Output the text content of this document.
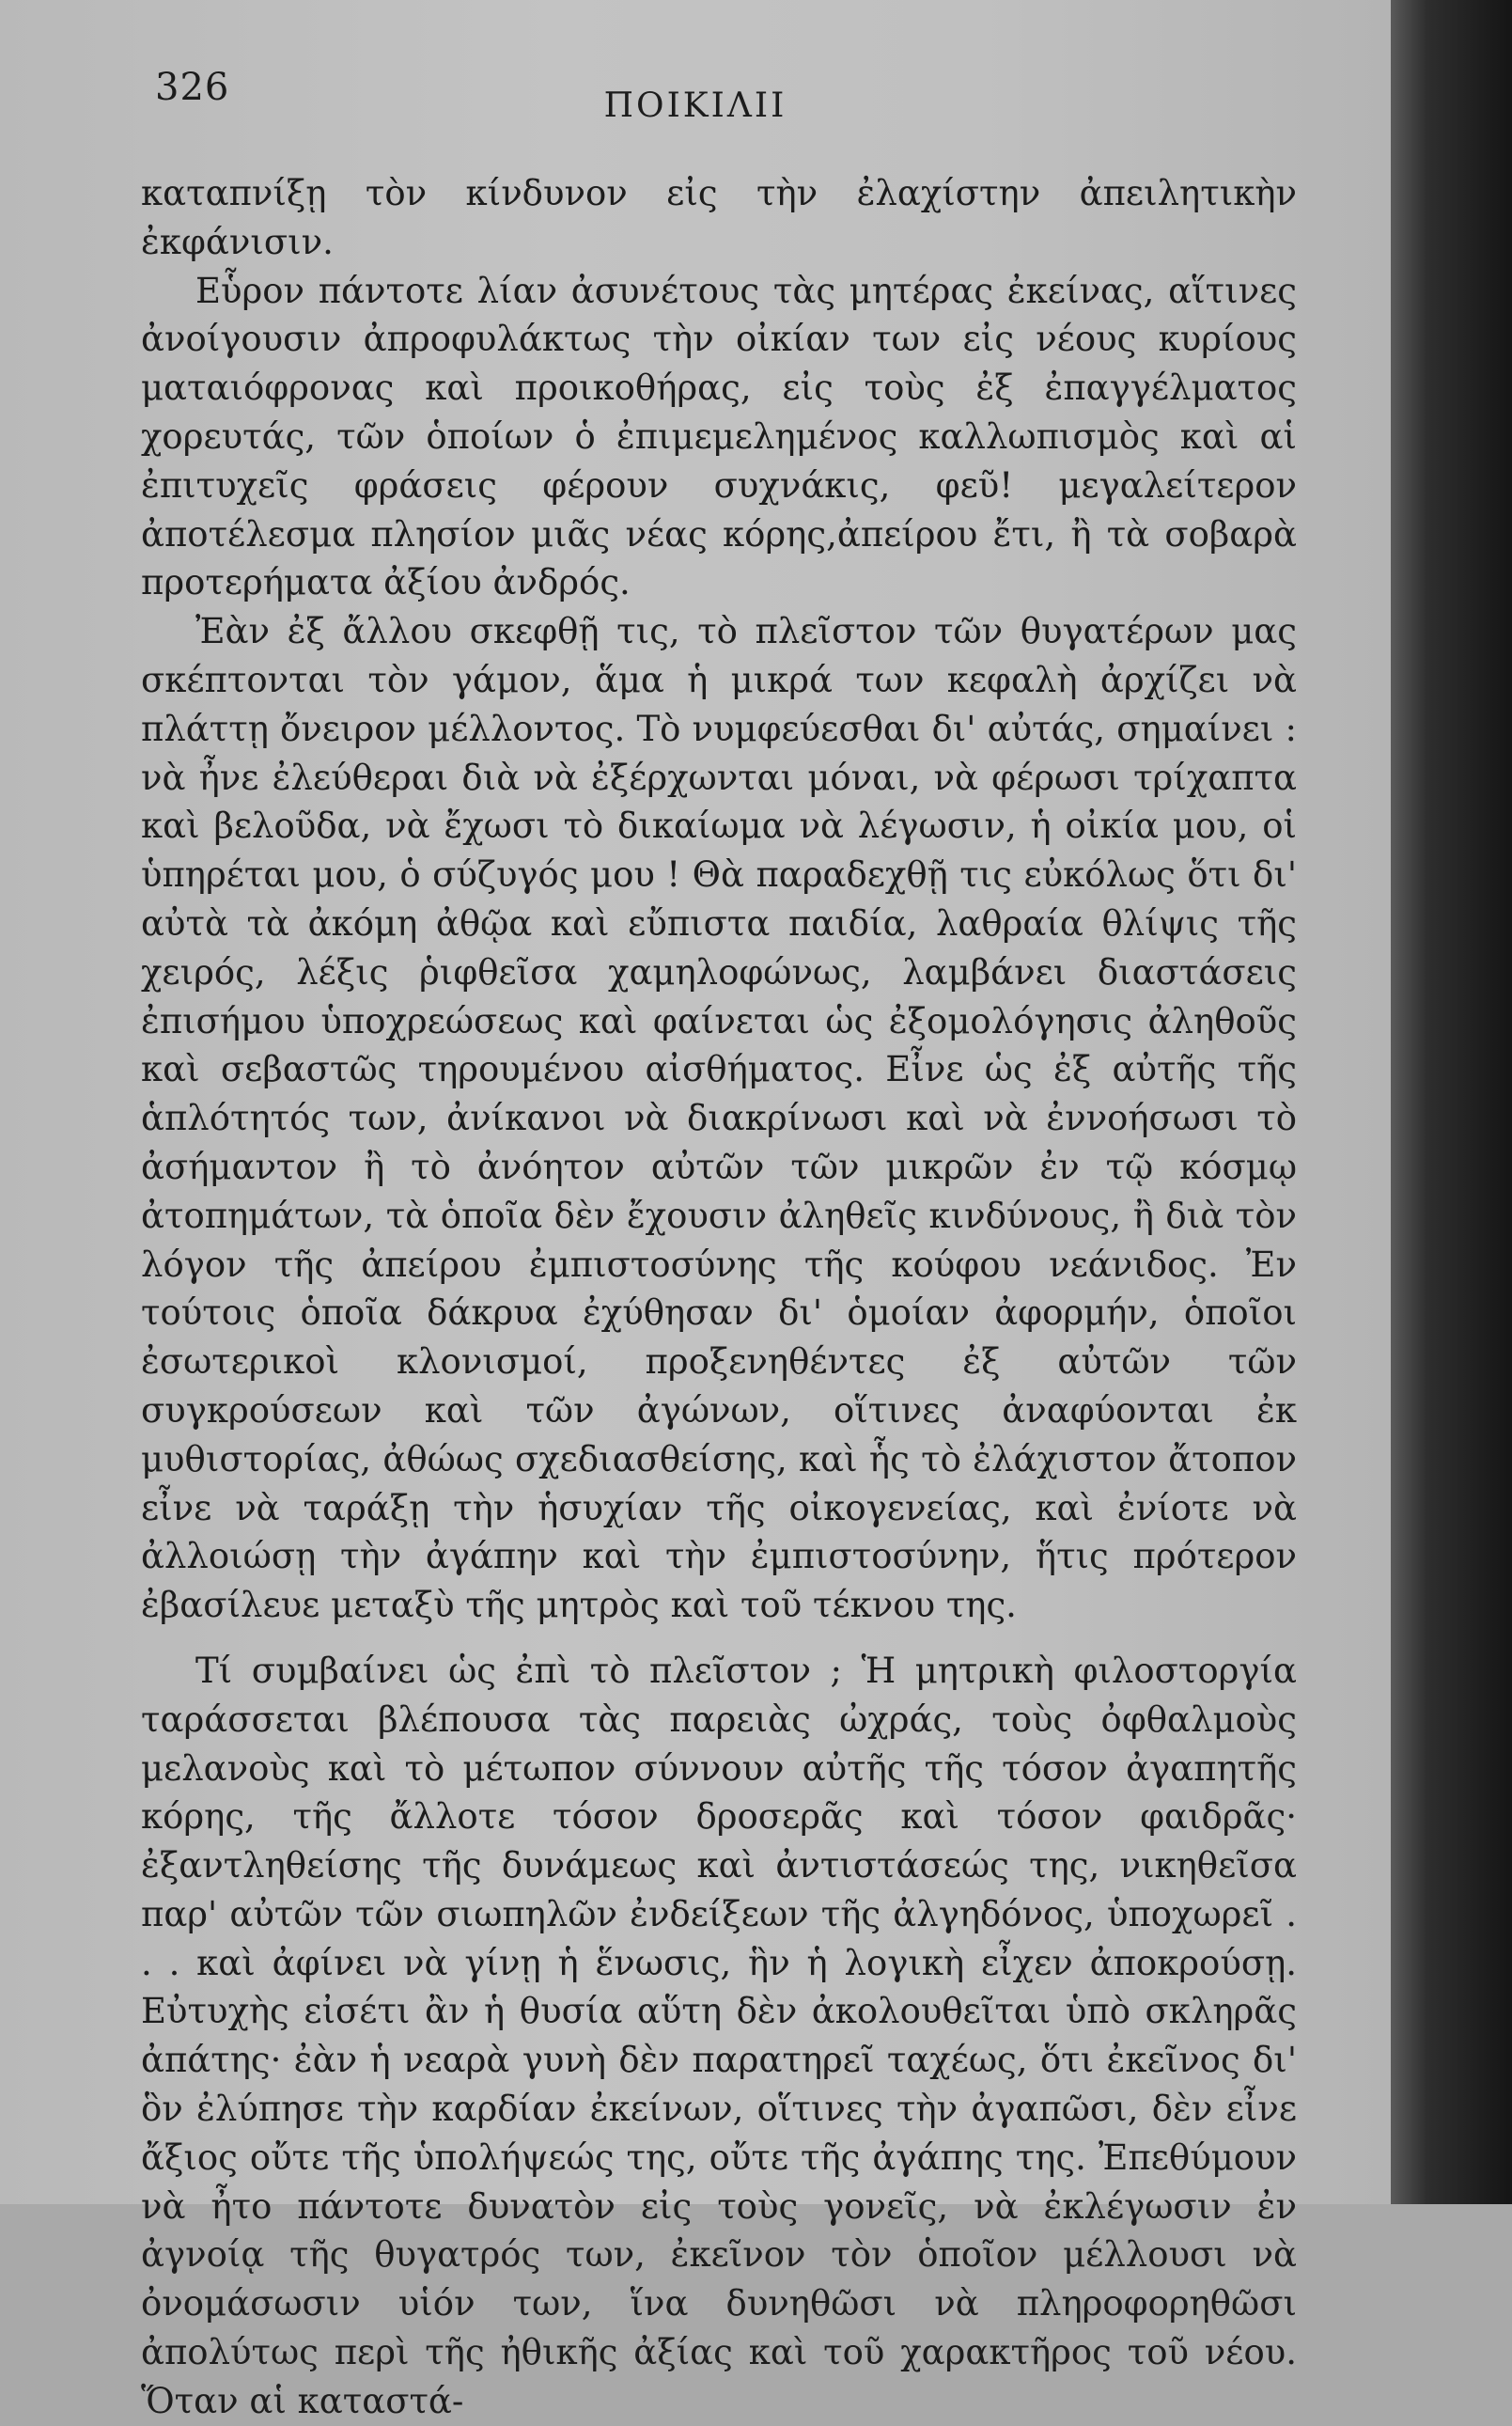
326	ΠΟΙΚΙΛΙΙ

καταπνίξῃ τὸν κίνδυνον εἰς τὴν ἐλαχίστην ἀπειλητικὴν ἐκφάνισιν.

Εὗρον πάντοτε λίαν ἀσυνέτους τὰς μητέρας ἐκείνας, αἵτινες ἀνοίγουσιν ἀπροφυλάκτως τὴν οἰκίαν των εἰς νέους κυρίους ματαιόφρονας καὶ προικοθήρας, εἰς τοὺς ἐξ ἐπαγγέλματος χορευτάς, τῶν ὁποίων ὁ ἐπιμεμελημένος καλλωπισμὸς καὶ αἱ ἐπιτυχεῖς φράσεις φέρουν συχνάκις, φεῦ! μεγαλείτερον ἀποτέλεσμα πλησίον μιᾶς νέας κόρης,ἀπείρου ἔτι, ἢ τὰ σοβαρὰ προτερήματα ἀξίου ἀνδρός.

Ἐὰν ἐξ ἄλλου σκεφθῇ τις, τὸ πλεῖστον τῶν θυγατέρων μας σκέπτονται τὸν γάμον, ἅμα ἡ μικρά των κεφαλὴ ἀρχίζει νὰ πλάττῃ ὄνειρον μέλλοντος. Τὸ νυμφεύεσθαι δι' αὐτάς, σημαίνει : νὰ ἦνε ἐλεύθεραι διὰ νὰ ἐξέρχωνται μόναι, νὰ φέρωσι τρίχαπτα καὶ βελοῦδα, νὰ ἔχωσι τὸ δικαίωμα νὰ λέγωσιν, ἡ οἰκία μου, οἱ ὑπηρέται μου, ὁ σύζυγός μου ! Θὰ παραδεχθῇ τις εὐκόλως ὅτι δι' αὐτὰ τὰ ἀκόμη ἀθῷα καὶ εὔπιστα παιδία, λαθραία θλίψις τῆς χειρός, λέξις ῥιφθεῖσα χαμηλοφώνως, λαμβάνει διαστάσεις ἐπισήμου ὑποχρεώσεως καὶ φαίνεται ὡς ἐξομολόγησις ἀληθοῦς καὶ σεβαστῶς τηρουμένου αἰσθήματος. Εἶνε ὡς ἐξ αὐτῆς τῆς ἁπλότητός των, ἀνίκανοι νὰ διακρίνωσι καὶ νὰ ἐννοήσωσι τὸ ἀσήμαντον ἢ τὸ ἀνόητον αὐτῶν τῶν μικρῶν ἐν τῷ κόσμῳ ἀτοπημάτων, τὰ ὁποῖα δὲν ἔχουσιν ἀληθεῖς κινδύνους, ἢ διὰ τὸν λόγον τῆς ἀπείρου ἐμπιστοσύνης τῆς κούφου νεάνιδος. Ἐν τούτοις ὁποῖα δάκρυα ἐχύθησαν δι' ὁμοίαν ἀφορμήν, ὁποῖοι ἐσωτερικοὶ κλονισμοί, προξενηθέντες ἐξ αὐτῶν τῶν συγκρούσεων καὶ τῶν ἀγώνων, οἵτινες ἀναφύονται ἐκ μυθιστορίας, ἀθώως σχεδιασθείσης, καὶ ἧς τὸ ἐλάχιστον ἄτοπον εἶνε νὰ ταράξῃ τὴν ἡσυχίαν τῆς οἰκογενείας, καὶ ἐνίοτε νὰ ἀλλοιώσῃ τὴν ἀγάπην καὶ τὴν ἐμπιστοσύνην, ἥτις πρότερον ἐβασίλευε μεταξὺ τῆς μητρὸς καὶ τοῦ τέκνου της.

Τί συμβαίνει ὡς ἐπὶ τὸ πλεῖστον ; Ἡ μητρικὴ φιλοστοργία ταράσσεται βλέπουσα τὰς παρειὰς ὠχράς, τοὺς ὀφθαλμοὺς μελανοὺς καὶ τὸ μέτωπον σύννουν αὐτῆς τῆς τόσον ἀγαπητῆς κόρης, τῆς ἄλλοτε τόσον δροσερᾶς καὶ τόσον φαιδρᾶς· ἐξαντληθείσης τῆς δυνάμεως καὶ ἀντιστάσεώς της, νικηθεῖσα παρ' αὐτῶν τῶν σιωπηλῶν ἐνδείξεων τῆς ἀλγηδόνος, ὑποχωρεῖ . . . καὶ ἀφίνει νὰ γίνῃ ἡ ἕνωσις, ἣν ἡ λογικὴ εἶχεν ἀποκρούσῃ. Εὐτυχὴς εἰσέτι ἂν ἡ θυσία αὕτη δὲν ἀκολουθεῖται ὑπὸ σκληρᾶς ἀπάτης· ἐὰν ἡ νεαρὰ γυνὴ δὲν παρατηρεῖ ταχέως, ὅτι ἐκεῖνος δι' ὃν ἐλύπησε τὴν καρδίαν ἐκείνων, οἵτινες τὴν ἀγαπῶσι, δὲν εἶνε ἄξιος οὔτε τῆς ὑπολήψεώς της, οὔτε τῆς ἀγάπης της. Ἐπεθύμουν νὰ ἦτο πάντοτε δυνατὸν εἰς τοὺς γονεῖς, νὰ ἐκλέγωσιν ἐν ἀγνοίᾳ τῆς θυγατρός των, ἐκεῖνον τὸν ὁποῖον μέλλουσι νὰ ὀνομάσωσιν υἱόν των, ἵνα δυνηθῶσι νὰ πληροφορηθῶσι ἀπολύτως περὶ τῆς ἠθικῆς ἀξίας καὶ τοῦ χαρακτῆρος τοῦ νέου. Ὅταν αἱ καταστά-
